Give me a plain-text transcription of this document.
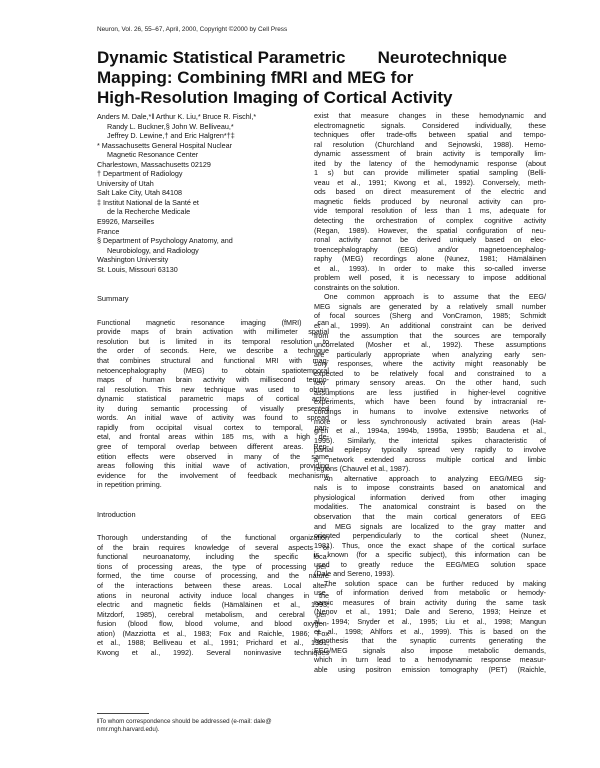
Neuron, Vol. 26, 55–67, April, 2000, Copyright ©2000 by Cell Press
Dynamic Statistical Parametric Neurotechnique
Mapping: Combining fMRI and MEG for
High-Resolution Imaging of Cortical Activity
Anders M. Dale,*‖ Arthur K. Liu,* Bruce R. Fischl,*
Randy L. Buckner,§ John W. Belliveau,*
Jeffrey D. Lewine,† and Eric Halgren*†‡
* Massachusetts General Hospital Nuclear
Magnetic Resonance Center
Charlestown, Massachusetts 02129
† Department of Radiology
University of Utah
Salt Lake City, Utah 84108
‡ Institut National de la Santé et
de la Recherche Medicale
E9926, Marseilles
France
§ Department of Psychology Anatomy, and
Neurobiology, and Radiology
Washington University
St. Louis, Missouri 63130
Summary
Functional magnetic resonance imaging (fMRI) can
provide maps of brain activation with millimeter spatial
resolution but is limited in its temporal resolution to
the order of seconds. Here, we describe a technique
that combines structural and functional MRI with mag-
netoencephalography (MEG) to obtain spatiotemporal
maps of human brain activity with millisecond tempo-
ral resolution. This new technique was used to obtain
dynamic statistical parametric maps of cortical activ-
ity during semantic processing of visually presented
words. An initial wave of activity was found to spread
rapidly from occipital visual cortex to temporal, pari-
etal, and frontal areas within 185 ms, with a high de-
gree of temporal overlap between different areas. Rep-
etition effects were observed in many of the same
areas following this initial wave of activation, providing
evidence for the involvement of feedback mechanisms
in repetition priming.
Introduction
Thorough understanding of the functional organization
of the brain requires knowledge of several aspects of
functional neuroanatomy, including the specific loca-
tions of processing areas, the type of processing per-
formed, the time course of processing, and the nature
of the interactions between these areas. Local alter-
ations in neuronal activity induce local changes in the
electric and magnetic fields (Hämäläinen et al., 1993;
Mitzdorf, 1985), cerebral metabolism, and cerebral per-
fusion (blood flow, blood volume, and blood oxygen-
ation) (Mazziotta et al., 1983; Fox and Raichle, 1986; Fox
et al., 1988; Belliveau et al., 1991; Prichard et al., 1991;
Kwong et al., 1992). Several noninvasive techniques
‖To whom correspondence should be addressed (e-mail: dale@
nmr.mgh.harvard.edu).
exist that measure changes in these hemodynamic and
electromagnetic signals. Considered individually, these
techniques offer trade-offs between spatial and tempo-
ral resolution (Churchland and Sejnowski, 1988). Hemo-
dynamic assessment of brain activity is temporally lim-
ited by the latency of the hemodynamic response (about
1 s) but can provide millimeter spatial sampling (Belli-
veau et al., 1991; Kwong et al., 1992). Conversely, meth-
ods based on direct measurement of the electric and
magnetic fields produced by neuronal activity can pro-
vide temporal resolution of less than 1 ms, adequate for
detecting the orchestration of complex cognitive activity
(Regan, 1989). However, the spatial configuration of neu-
ronal activity cannot be derived uniquely based on elec-
troencephalography (EEG) and/or magnetoencephalog-
raphy (MEG) recordings alone (Nunez, 1981; Hämäläinen
et al., 1993). In order to make this so-called inverse
problem well posed, it is necessary to impose additional
constraints on the solution.
One common approach is to assume that the EEG/
MEG signals are generated by a relatively small number
of focal sources (Sherg and VonCramon, 1985; Schmidt
et al., 1999). An additional constraint can be derived
from the assumption that the sources are temporally
uncorrelated (Mosher et al., 1992). These assumptions
are particularly appropriate when analyzing early sen-
sory responses, where the activity might reasonably be
expected to be relatively focal and constrained to a
few primary sensory areas. On the other hand, such
assumptions are less justified in higher-level cognitive
experiments, which have been found by intracranial re-
cordings in humans to involve extensive networks of
more or less synchronously activated brain areas (Hal-
gren et al., 1994a, 1994b, 1995a, 1995b; Baudena et al.,
1995). Similarly, the interictal spikes characteristic of
partial epilepsy typically spread very rapidly to involve
a network extended across multiple cortical and limbic
regions (Chauvel et al., 1987).
An alternative approach to analyzing EEG/MEG sig-
nals is to impose constraints based on anatomical and
physiological information derived from other imaging
modalities. The anatomical constraint is based on the
observation that the main cortical generators of EEG
and MEG signals are localized to the gray matter and
oriented perpendicularly to the cortical sheet (Nunez,
1981). Thus, once the exact shape of the cortical surface
is known (for a specific subject), this information can be
used to greatly reduce the EEG/MEG solution space
(Dale and Sereno, 1993).
The solution space can be further reduced by making
use of information derived from metabolic or hemody-
namic measures of brain activity during the same task
(Nenov et al., 1991; Dale and Sereno, 1993; Heinze et
al., 1994; Snyder et al., 1995; Liu et al., 1998; Mangun
et al., 1998; Ahlfors et al., 1999). This is based on the
hypothesis that the synaptic currents generating the
EEG/MEG signals also impose metabolic demands,
which in turn lead to a hemodynamic response measur-
able using positron emission tomography (PET) (Raichle,
